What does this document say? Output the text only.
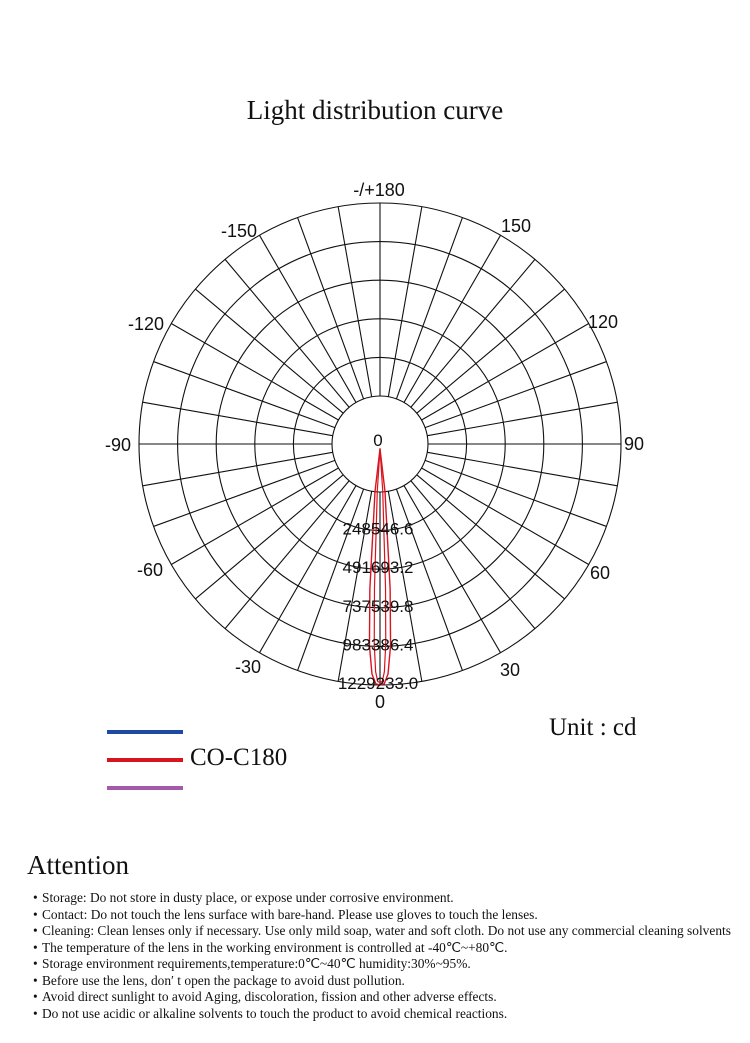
Light distribution curve
0
248546.6
491693.2
737539.8
983386.4
1229233.0
-/+180
150
120
90
60
30
0
-30
-60
-90
-120
-150
CO-C180
Unit : cd
Attention
• Storage: Do not store in dusty place, or expose under corrosive environment.
• Contact: Do not touch the lens surface with bare-hand. Please use gloves to touch the lenses.
• Cleaning: Clean lenses only if necessary. Use only mild soap, water and soft cloth. Do not use any commercial cleaning solvents
• The temperature of the lens in the working environment is controlled at -40℃~+80℃.
• Storage environment requirements,temperature:0℃~40℃ humidity:30%~95%.
• Before use the lens, don′ t open the package to avoid dust pollution.
• Avoid direct sunlight to avoid Aging, discoloration, fission and other adverse effects.
• Do not use acidic or alkaline solvents to touch the product to avoid chemical reactions.
